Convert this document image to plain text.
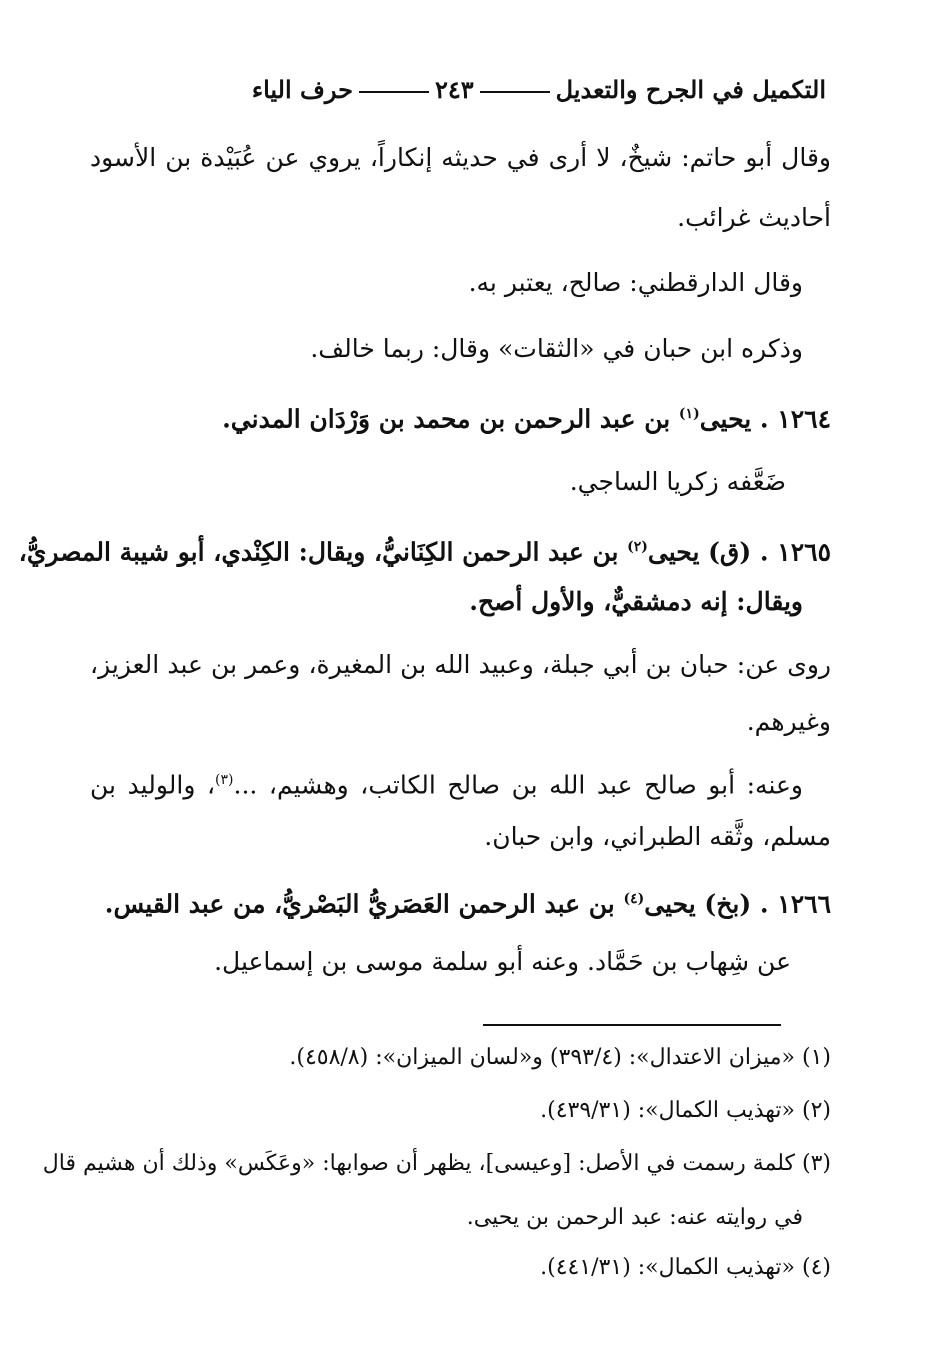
التكميل في الجرح والتعديل٢٤٣حرف الياء
وقال أبو حاتم: شيخٌ، لا أرى في حديثه إنكاراً، يروي عن عُبَيْدة بن الأسود
أحاديث غرائب.
وقال الدارقطني: صالح، يعتبر به.
وذكره ابن حبان في «الثقات» وقال: ربما خالف.
١٢٦٤ . يحيى$^{(١)}$ بن عبد الرحمن بن محمد بن وَرْدَان المدني.
ضَعَّفه زكريا الساجي.
١٢٦٥ . (ق) يحيى$^{(٢)}$ بن عبد الرحمن الكِنَانيُّ، ويقال: الكِنْدي، أبو شيبة المصريُّ،
ويقال: إنه دمشقيٌّ، والأول أصح.
روى عن: حبان بن أبي جبلة، وعبيد الله بن المغيرة، وعمر بن عبد العزيز،
وغيرهم.
وعنه: أبو صالح عبد الله بن صالح الكاتب، وهشيم، ...$^{(٣)}$، والوليد بن
مسلم، وثَّقه الطبراني، وابن حبان.
١٢٦٦ . (بخ) يحيى$^{(٤)}$ بن عبد الرحمن العَصَريُّ البَصْريُّ، من عبد القيس.
عن شِهاب بن حَمَّاد. وعنه أبو سلمة موسى بن إسماعيل.
(١) «ميزان الاعتدال»: (٣٩٣/٤) و«لسان الميزان»: (٤٥٨/٨).
(٢) «تهذيب الكمال»: (٤٣٩/٣١).
(٣) كلمة رسمت في الأصل: [وعيسى]، يظهر أن صوابها: «وعَكَس» وذلك أن هشيم قال
في روايته عنه: عبد الرحمن بن يحيى.
(٤) «تهذيب الكمال»: (٤٤١/٣١).
